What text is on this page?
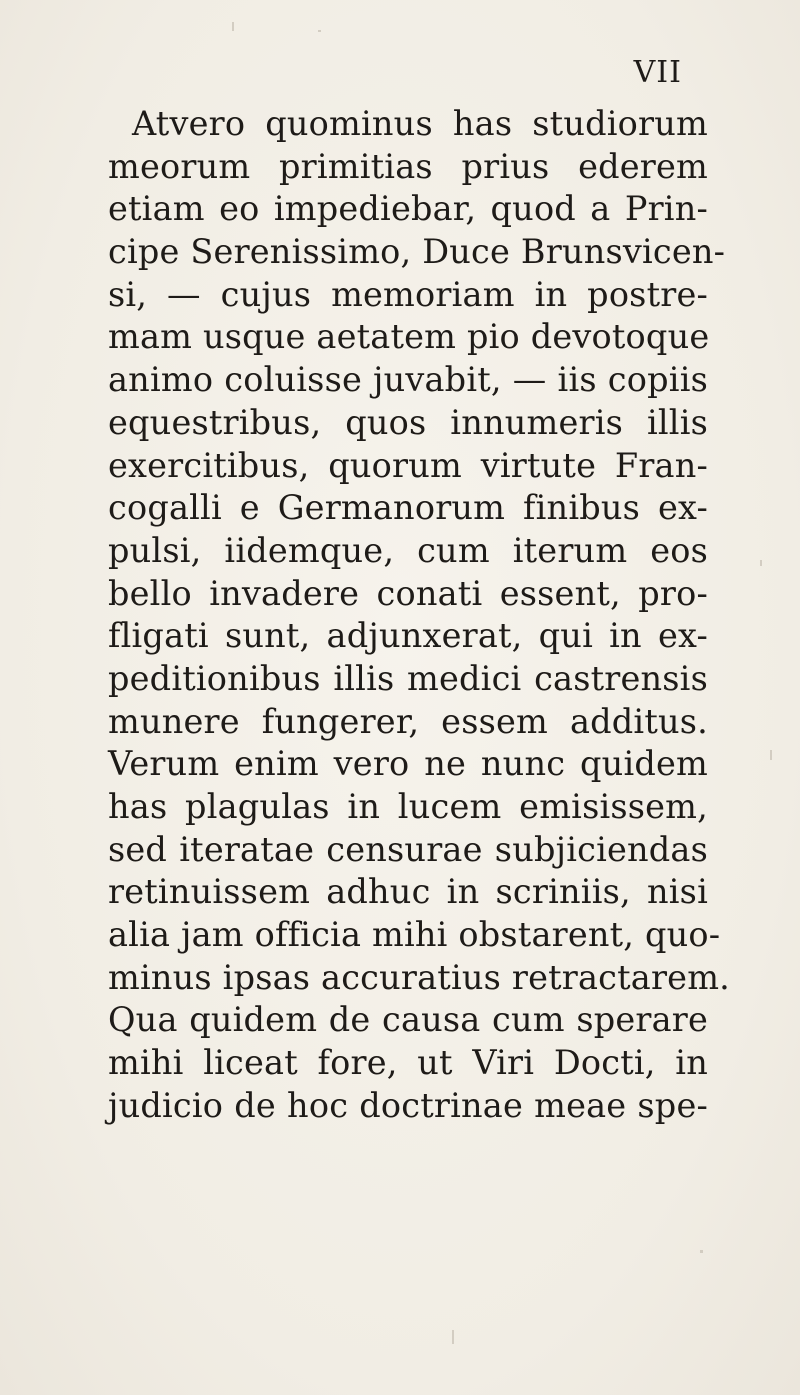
VII
Atvero quominus has studiorum
meorum primitias prius ederem
etiam eo impediebar, quod a Prin-
cipe Serenissimo, Duce Brunsvicen-
si, — cujus memoriam in postre-
mam usque aetatem pio devotoque
animo coluisse juvabit, — iis copiis
equestribus, quos innumeris illis
exercitibus, quorum virtute Fran-
cogalli e Germanorum finibus ex-
pulsi, iidemque, cum iterum eos
bello invadere conati essent, pro-
fligati sunt, adjunxerat, qui in ex-
peditionibus illis medici castrensis
munere fungerer, essem additus.
Verum enim vero ne nunc quidem
has plagulas in lucem emisissem,
sed iteratae censurae subjiciendas
retinuissem adhuc in scriniis, nisi
alia jam officia mihi obstarent, quo-
minus ipsas accuratius retractarem.
Qua quidem de causa cum sperare
mihi liceat fore, ut Viri Docti, in
judicio de hoc doctrinae meae spe-
